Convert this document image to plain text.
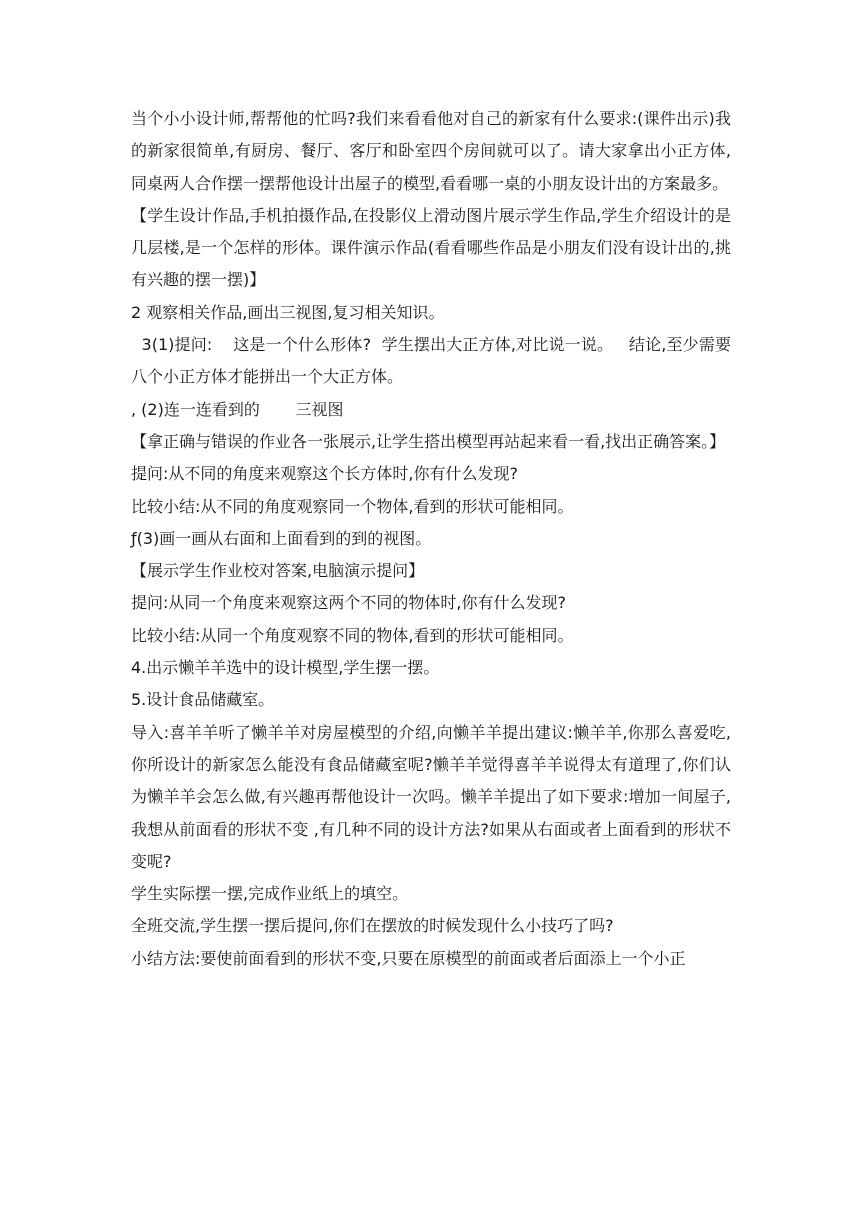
当个小小设计师,帮帮他的忙吗?我们来看看他对自己的新家有什么要求:(课件出示)我的新家很简单,有厨房、餐厅、客厅和卧室四个房间就可以了。请大家拿出小正方体,同桌两人合作摆一摆帮他设计出屋子的模型,看看哪一桌的小朋友设计出的方案最多。

【学生设计作品,手机拍摄作品,在投影仪上滑动图片展示学生作品,学生介绍设计的是几层楼,是一个怎样的形体。课件演示作品(看看哪些作品是小朋友们没有设计出的,挑有兴趣的摆一摆)】

2 观察相关作品,画出三视图,复习相关知识。

3(1)提问:    这是一个什么形体?  学生摆出大正方体,对比说一说。   结论,至少需要八个小正方体才能拼出一个大正方体。

, (2)连一连看到的       三视图

【拿正确与错误的作业各一张展示,让学生搭出模型再站起来看一看,找出正确答案。】

提问:从不同的角度来观察这个长方体时,你有什么发现?

比较小结:从不同的角度观察同一个物体,看到的形状可能相同。

ƒ(3)画一画从右面和上面看到的到的视图。

【展示学生作业校对答案,电脑演示提问】

提问:从同一个角度来观察这两个不同的物体时,你有什么发现?

比较小结:从同一个角度观察不同的物体,看到的形状可能相同。

4.出示懒羊羊选中的设计模型,学生摆一摆。

5.设计食品储藏室。

导入:喜羊羊听了懒羊羊对房屋模型的介绍,向懒羊羊提出建议:懒羊羊,你那么喜爱吃,你所设计的新家怎么能没有食品储藏室呢?懒羊羊觉得喜羊羊说得太有道理了,你们认为懒羊羊会怎么做,有兴趣再帮他设计一次吗。懒羊羊提出了如下要求:增加一间屋子,我想从前面看的形状不变 ,有几种不同的设计方法?如果从右面或者上面看到的形状不变呢?

学生实际摆一摆,完成作业纸上的填空。

全班交流,学生摆一摆后提问,你们在摆放的时候发现什么小技巧了吗?

小结方法:要使前面看到的形状不变,只要在原模型的前面或者后面添上一个小正
